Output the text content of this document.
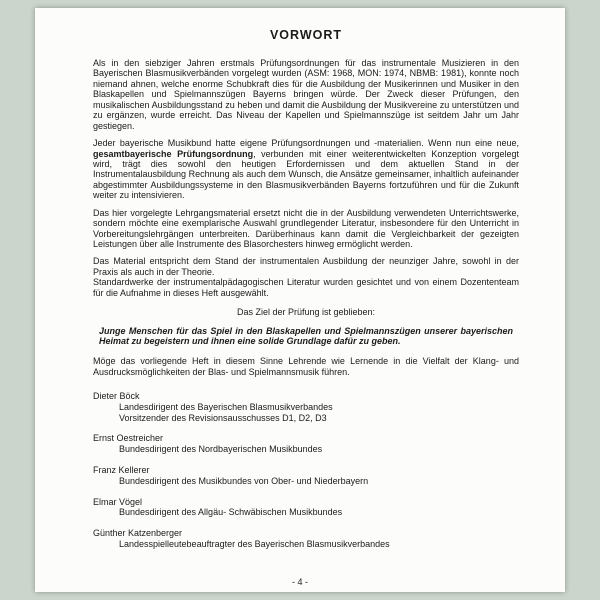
VORWORT

Als in den siebziger Jahren erstmals Prüfungsordnungen für das instrumentale Musizieren in den Bayerischen Blasmusikverbänden vorgelegt wurden (ASM: 1968, MON: 1974, NBMB: 1981), konnte noch niemand ahnen, welche enorme Schubkraft dies für die Ausbildung der Musikerinnen und Musiker in den Blaskapellen und Spielmannszügen Bayerns bringen würde. Der Zweck dieser Prüfungen, den musikalischen Ausbildungsstand zu heben und damit die Ausbildung der Musikvereine zu unterstützen und zu ergänzen, wurde erreicht. Das Niveau der Kapellen und Spielmannszüge ist seitdem Jahr um Jahr gestiegen.

Jeder bayerische Musikbund hatte eigene Prüfungsordnungen und -materialien. Wenn nun eine neue, gesamtbayerische Prüfungsordnung, verbunden mit einer weiterentwickelten Konzeption vorgelegt wird, trägt dies sowohl den heutigen Erfordernissen und dem aktuellen Stand in der Instrumentalausbildung Rechnung als auch dem Wunsch, die Ansätze gemeinsamer, inhaltlich aufeinander abgestimmter Ausbildungssysteme in den Blasmusikverbänden Bayerns fortzuführen und für die Zukunft weiter zu intensivieren.

Das hier vorgelegte Lehrgangsmaterial ersetzt nicht die in der Ausbildung verwendeten Unterrichtswerke, sondern möchte eine exemplarische Auswahl grundlegender Literatur, insbesondere für den Unterricht in Vorbereitungslehrgängen unterbreiten. Darüberhinaus kann damit die Vergleichbarkeit der gezeigten Leistungen über alle Instrumente des Blasorchesters hinweg ermöglicht werden.

Das Material entspricht dem Stand der instrumentalen Ausbildung der neunziger Jahre, sowohl in der Praxis als auch in der Theorie.

Standardwerke der instrumentalpädagogischen Literatur wurden gesichtet und von einem Dozententeam für die Aufnahme in dieses Heft ausgewählt.

Das Ziel der Prüfung ist geblieben:

Junge Menschen für das Spiel in den Blaskapellen und Spielmannszügen unserer bayerischen Heimat zu begeistern und ihnen eine solide Grundlage dafür zu geben.

Möge das vorliegende Heft in diesem Sinne Lehrende wie Lernende in die Vielfalt der Klang- und Ausdrucksmöglichkeiten der Blas- und Spielmannsmusik führen.

Dieter Böck
Landesdirigent des Bayerischen Blasmusikverbandes
Vorsitzender des Revisionsausschusses D1, D2, D3
Ernst Oestreicher
Bundesdirigent des Nordbayerischen Musikbundes
Franz Kellerer
Bundesdirigent des Musikbundes von Ober- und Niederbayern
Elmar Vögel
Bundesdirigent des Allgäu- Schwäbischen Musikbundes
Günther Katzenberger
Landesspielleutebeauftragter des Bayerischen Blasmusikverbandes
- 4 -
